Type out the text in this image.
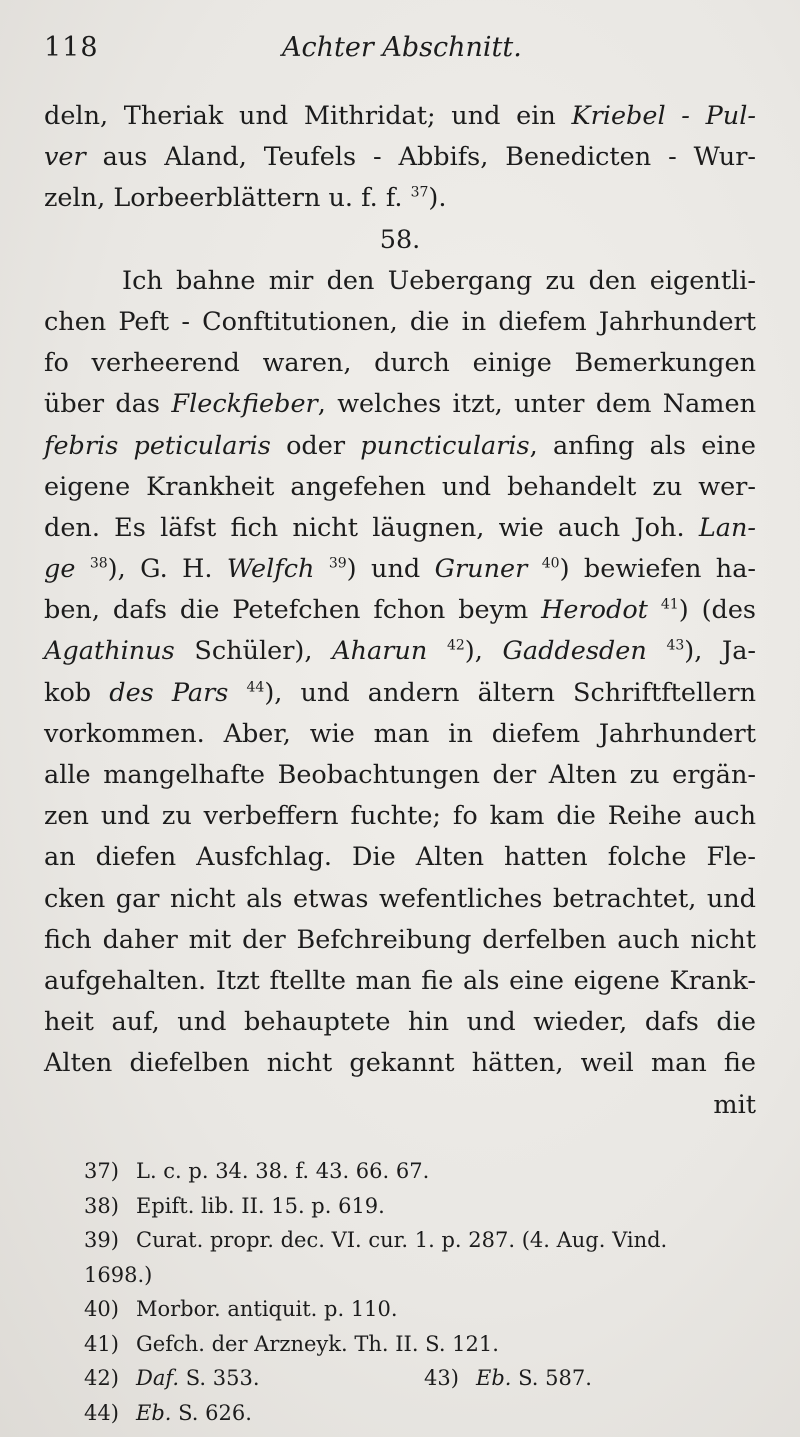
118	Achter Abschnitt.
deln, Theriak und Mithridat; und ein Kriebel - Pul-
ver aus Aland, Teufels - Abbifs, Benedicten - Wur-
zeln, Lorbeerblättern u. f. f. $^{37}$).
58.
Ich bahne mir den Uebergang zu den eigentli-
chen Peft - Conftitutionen, die in diefem Jahrhundert
fo verheerend waren, durch einige Bemerkungen
über das Fleckfieber, welches itzt, unter dem Namen
febris peticularis oder puncticularis, anfing als eine
eigene Krankheit angefehen und behandelt zu wer-
den. Es läfst fich nicht läugnen, wie auch Joh. Lan-
ge $^{38}$), G. H. Welfch $^{39}$) und Gruner $^{40}$) bewiefen ha-
ben, dafs die Petefchen fchon beym Herodot $^{41}$) (des
Agathinus Schüler), Aharun $^{42}$), Gaddesden $^{43}$), Ja-
kob des Pars $^{44}$), und andern ältern Schriftftellern
vorkommen. Aber, wie man in diefem Jahrhundert
alle mangelhafte Beobachtungen der Alten zu ergän-
zen und zu verbeffern fuchte; fo kam die Reihe auch
an diefen Ausfchlag. Die Alten hatten folche Fle-
cken gar nicht als etwas wefentliches betrachtet, und
fich daher mit der Befchreibung derfelben auch nicht
aufgehalten. Itzt ftellte man fie als eine eigene Krank-
heit auf, und behauptete hin und wieder, dafs die
Alten diefelben nicht gekannt hätten, weil man fie
mit
37) L. c. p. 34. 38. f. 43. 66. 67.
38) Epift. lib. II. 15. p. 619.
39) Curat. propr. dec. VI. cur. 1. p. 287. (4. Aug. Vind.
1698.)
40) Morbor. antiquit. p. 110.
41) Gefch. der Arzneyk. Th. II. S. 121.
42) Daf. S. 353.	43) Eb. S. 587.
44) Eb. S. 626.
